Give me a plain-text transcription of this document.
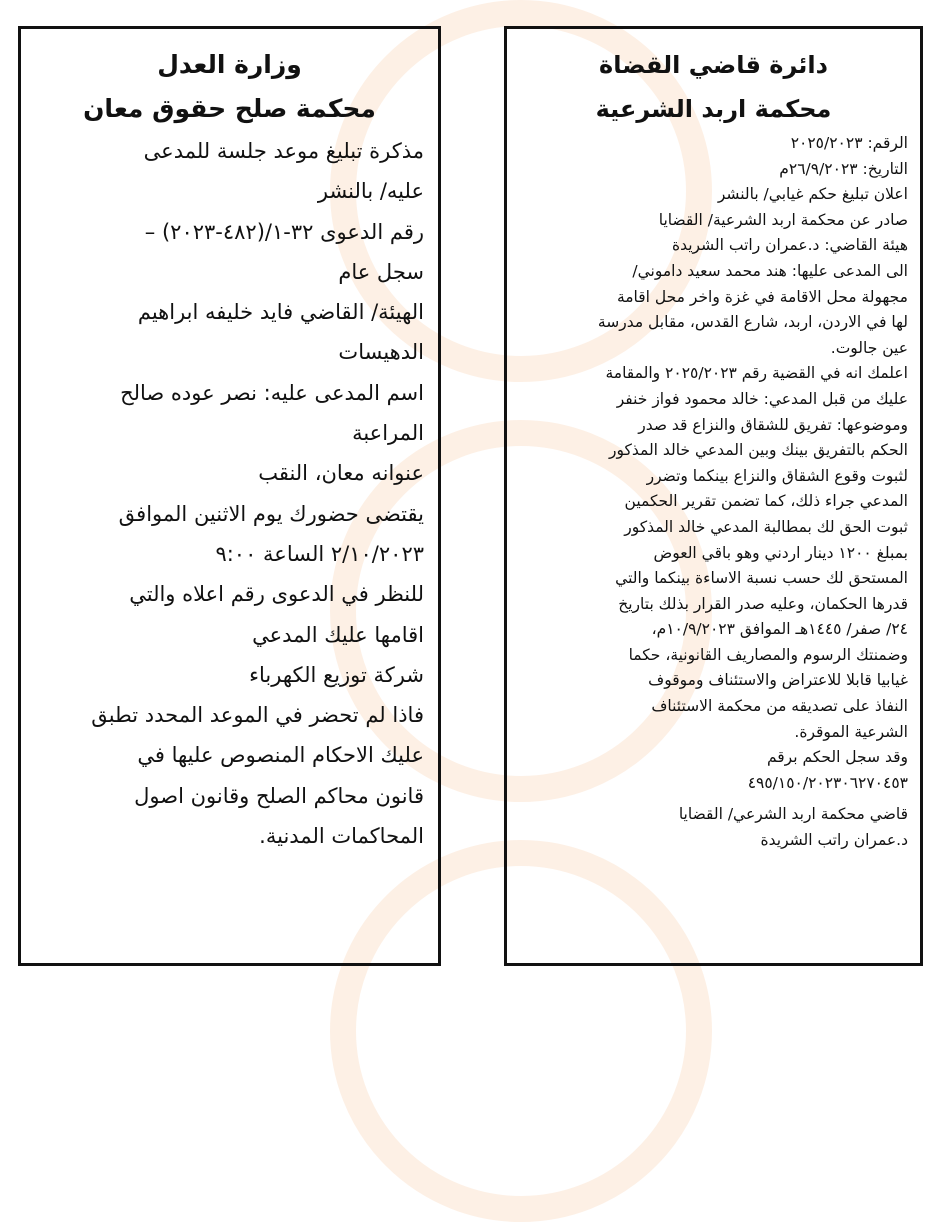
وزارة العدل
محكمة صلح حقوق معان
مذكرة تبليغ موعد جلسة للمدعى
عليه/ بالنشر
رقم الدعوى ٣٢-١/(٤٨٢-٢٠٢٣) –
سجل عام
الهيئة/ القاضي فايد خليفه ابراهيم
الدهيسات
اسم المدعى عليه: نصر عوده صالح
المراعبة
عنوانه معان، النقب
يقتضى حضورك يوم الاثنين الموافق
٢/١٠/٢٠٢٣ الساعة ٩:٠٠
للنظر في الدعوى رقم اعلاه والتي
اقامها عليك المدعي
شركة توزيع الكهرباء
فاذا لم تحضر في الموعد المحدد تطبق
عليك الاحكام المنصوص عليها في
قانون محاكم الصلح وقانون اصول
المحاكمات المدنية.
دائرة قاضي القضاة
محكمة اربد الشرعية
الرقم: ٢٠٢٥/٢٠٢٣
التاريخ: ٢٦/٩/٢٠٢٣م
اعلان تبليغ حكم غيابي/ بالنشر
صادر عن محكمة اربد الشرعية/ القضايا
هيئة القاضي: د.عمران راتب الشريدة
الى المدعى عليها: هند محمد سعيد داموني/
مجهولة محل الاقامة في غزة واخر محل اقامة
لها في الاردن، اربد، شارع القدس، مقابل مدرسة
عين جالوت.
اعلمك انه في القضية رقم ٢٠٢٥/٢٠٢٣ والمقامة
عليك من قبل المدعي: خالد محمود فواز خنفر
وموضوعها: تفريق للشقاق والنزاع قد صدر
الحكم بالتفريق بينك وبين المدعي خالد المذكور
لثبوت وقوع الشقاق والنزاع بينكما وتضرر
المدعي جراء ذلك، كما تضمن تقرير الحكمين
ثبوت الحق لك بمطالبة المدعي خالد المذكور
بمبلغ ١٢٠٠ دينار اردني وهو باقي العوض
المستحق لك حسب نسبة الاساءة بينكما والتي
قدرها الحكمان، وعليه صدر القرار بذلك بتاريخ
٢٤/ صفر/ ١٤٤٥هـ الموافق ١٠/٩/٢٠٢٣م،
وضمنتك الرسوم والمصاريف القانونية، حكما
غيابيا قابلا للاعتراض والاستئناف وموقوف
النفاذ على تصديقه من محكمة الاستئناف
الشرعية الموقرة.
وقد سجل الحكم برقم
٤٩٥/١٥٠/٢٠٢٣٠٦٢٧٠٤٥٣
قاضي محكمة اربد الشرعي/ القضايا
د.عمران راتب الشريدة
